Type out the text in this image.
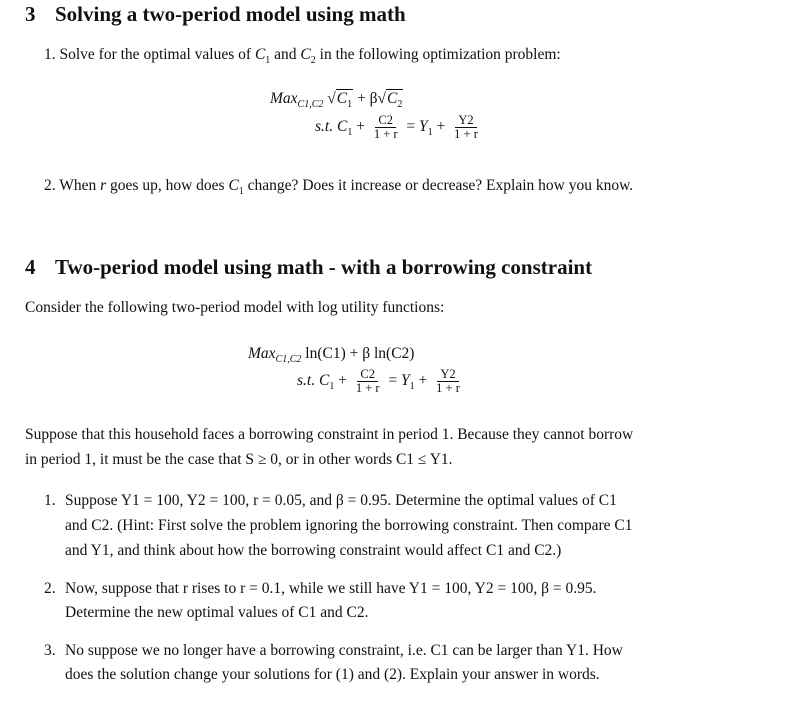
3 Solving a two-period model using math
1. Solve for the optimal values of $C_1$ and $C_2$ in the following optimization problem:
Max$_{C1,C2}$ $√C_1 + \beta√C_2$
s.t. $C_1 + \frac{C2}{1 + r} = Y_1 + \frac{Y2}{1 + r}$
2. When r goes up, how does $C_1$ change? Does it increase or decrease? Explain how you know.
4 Two-period model using math - with a borrowing constraint
Consider the following two-period model with log utility functions:
Max$_{C1,C2}$ ln(C1) + β ln(C2)
s.t. $C_1 + \frac{C2}{1 + r} = Y_1 + \frac{Y2}{1 + r}$
Suppose that this household faces a borrowing constraint in period 1. Because they cannot borrow
in period 1, it must be the case that S ≥ 0, or in other words C1 ≤ Y1.
1. Suppose Y1 = 100, Y2 = 100, r = 0.05, and β = 0.95. Determine the optimal values of C1
and C2. (Hint: First solve the problem ignoring the borrowing constraint. Then compare C1
and Y1, and think about how the borrowing constraint would affect C1 and C2.)
2. Now, suppose that r rises to r = 0.1, while we still have Y1 = 100, Y2 = 100, β = 0.95.
Determine the new optimal values of C1 and C2.
3. No suppose we no longer have a borrowing constraint, i.e. C1 can be larger than Y1. How
does the solution change your solutions for (1) and (2). Explain your answer in words.
